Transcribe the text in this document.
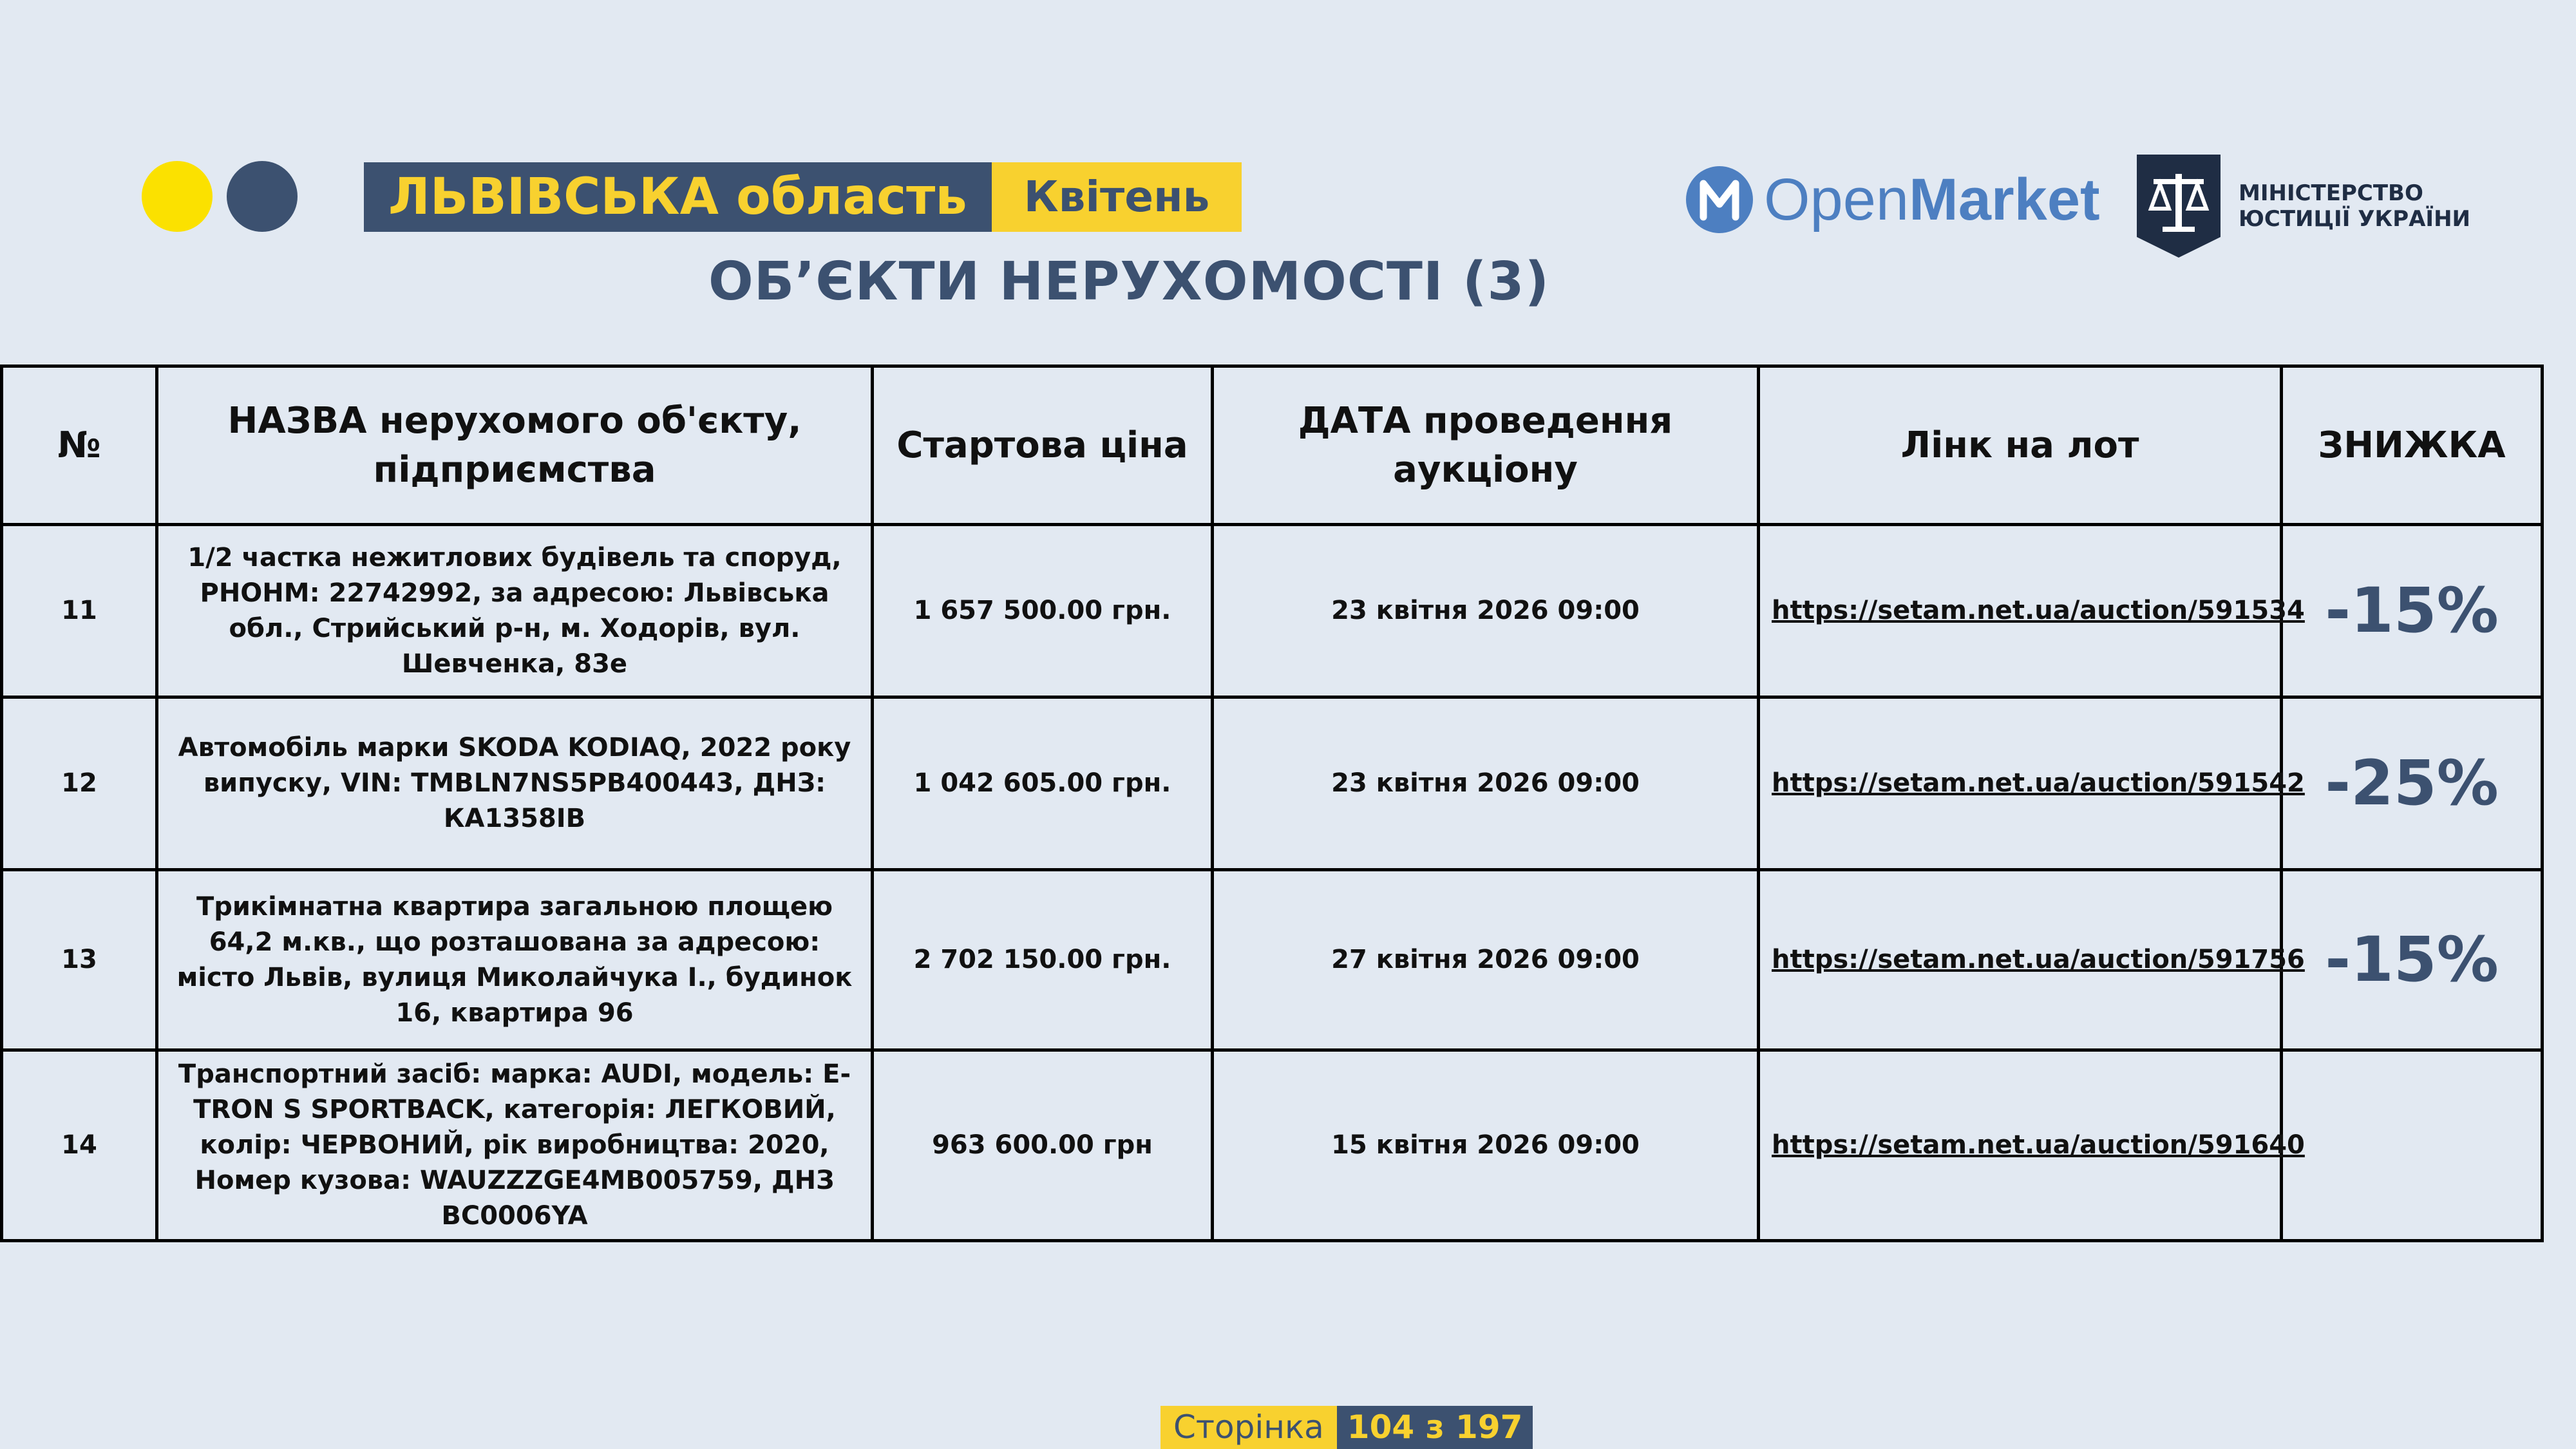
ЛЬВІВСЬКА область	Квітень
ОБ’ЄКТИ НЕРУХОМОСТІ (3)
OpenMarket	МІНІСТЕРСТВО
ЮСТИЦІЇ УКРАЇНИ
№	НАЗВА нерухомого об'єкту, підприємства	Стартова ціна	ДАТА проведення аукціону	Лінк на лот	ЗНИЖКА
11	1/2 частка нежитлових будівель та споруд, РНОНМ: 22742992, за адресою: Львівська обл., Стрийський р-н, м. Ходорів, вул. Шевченка, 83е	1 657 500.00 грн.	23 квітня 2026 09:00	https://setam.net.ua/auction/591534	-15%
12	Автомобіль марки SKODA KODIAQ, 2022 року випуску, VIN: TMBLN7NS5PB400443, ДНЗ: КА1358ІВ	1 042 605.00 грн.	23 квітня 2026 09:00	https://setam.net.ua/auction/591542	-25%
13	Трикімнатна квартира загальною площею 64,2 м.кв., що розташована за адресою: місто Львів, вулиця Миколайчука І., будинок 16, квартира 96	2 702 150.00 грн.	27 квітня 2026 09:00	https://setam.net.ua/auction/591756	-15%
14	Транспортний засіб: марка: AUDI, модель: E-TRON S SPORTBACK, категорія: ЛЕГКОВИЙ, колір: ЧЕРВОНИЙ, рік виробництва: 2020, Номер кузова: WAUZZZGE4MB005759, ДНЗ ВС0006YA	963 600.00 грн	15 квітня 2026 09:00	https://setam.net.ua/auction/591640	
Сторінка 104 з 197
